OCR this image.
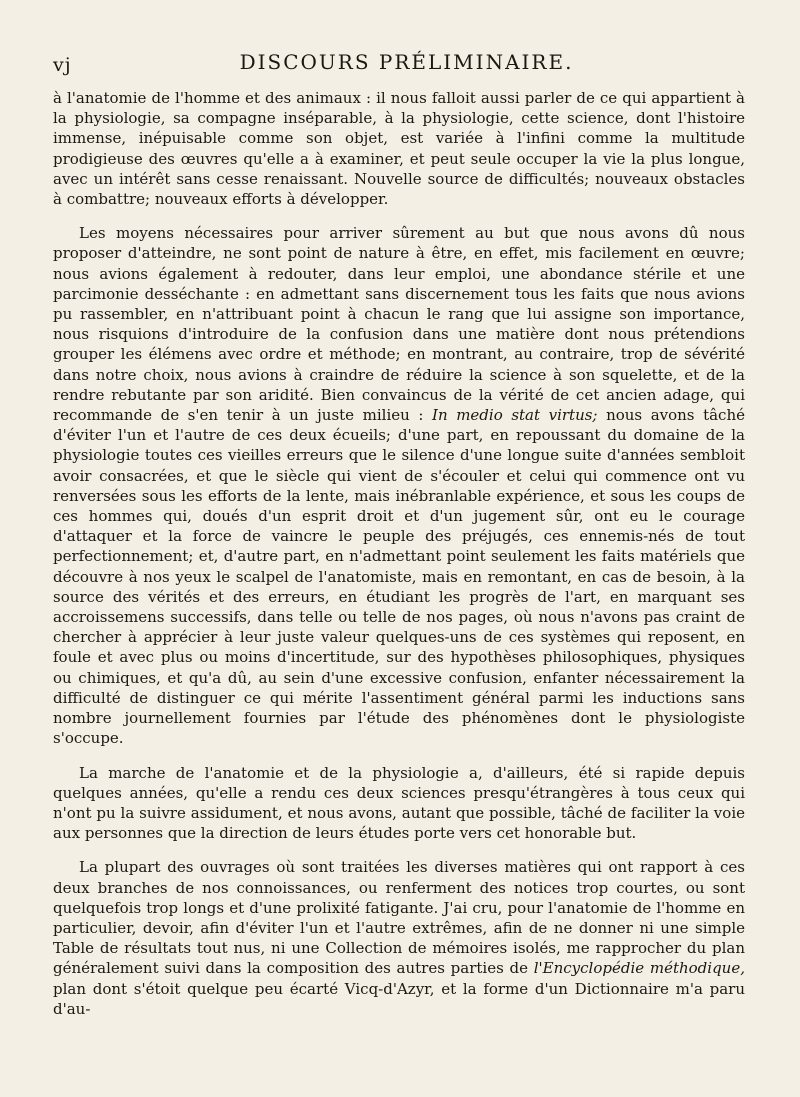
vj	DISCOURS PRÉLIMINAIRE.

à l'anatomie de l'homme et des animaux : il nous falloit aussi parler de ce qui appartient à la physiologie, sa compagne inséparable, à la physiologie, cette science, dont l'histoire immense, inépuisable comme son objet, est variée à l'infini comme la multitude prodigieuse des œuvres qu'elle a à examiner, et peut seule occuper la vie la plus longue, avec un intérêt sans cesse renaissant. Nouvelle source de difficultés; nouveaux obstacles à combattre; nouveaux efforts à développer.

Les moyens nécessaires pour arriver sûrement au but que nous avons dû nous proposer d'atteindre, ne sont point de nature à être, en effet, mis facilement en œuvre; nous avions également à redouter, dans leur emploi, une abondance stérile et une parcimonie desséchante : en admettant sans discernement tous les faits que nous avions pu rassembler, en n'attribuant point à chacun le rang que lui assigne son importance, nous risquions d'introduire de la confusion dans une matière dont nous prétendions grouper les élémens avec ordre et méthode; en montrant, au contraire, trop de sévérité dans notre choix, nous avions à craindre de réduire la science à son squelette, et de la rendre rebutante par son aridité. Bien convaincus de la vérité de cet ancien adage, qui recommande de s'en tenir à un juste milieu : In medio stat virtus; nous avons tâché d'éviter l'un et l'autre de ces deux écueils; d'une part, en repoussant du domaine de la physiologie toutes ces vieilles erreurs que le silence d'une longue suite d'années sembloit avoir consacrées, et que le siècle qui vient de s'écouler et celui qui commence ont vu renversées sous les efforts de la lente, mais inébranlable expérience, et sous les coups de ces hommes qui, doués d'un esprit droit et d'un jugement sûr, ont eu le courage d'attaquer et la force de vaincre le peuple des préjugés, ces ennemis-nés de tout perfectionnement; et, d'autre part, en n'admettant point seulement les faits matériels que découvre à nos yeux le scalpel de l'anatomiste, mais en remontant, en cas de besoin, à la source des vérités et des erreurs, en étudiant les progrès de l'art, en marquant ses accroissemens successifs, dans telle ou telle de nos pages, où nous n'avons pas craint de chercher à apprécier à leur juste valeur quelques-uns de ces systèmes qui reposent, en foule et avec plus ou moins d'incertitude, sur des hypothèses philosophiques, physiques ou chimiques, et qu'a dû, au sein d'une excessive confusion, enfanter nécessairement la difficulté de distinguer ce qui mérite l'assentiment général parmi les inductions sans nombre journellement fournies par l'étude des phénomènes dont le physiologiste s'occupe.

La marche de l'anatomie et de la physiologie a, d'ailleurs, été si rapide depuis quelques années, qu'elle a rendu ces deux sciences presqu'étrangères à tous ceux qui n'ont pu la suivre assidument, et nous avons, autant que possible, tâché de faciliter la voie aux personnes que la direction de leurs études porte vers cet honorable but.

La plupart des ouvrages où sont traitées les diverses matières qui ont rapport à ces deux branches de nos connoissances, ou renferment des notices trop courtes, ou sont quelquefois trop longs et d'une prolixité fatigante. J'ai cru, pour l'anatomie de l'homme en particulier, devoir, afin d'éviter l'un et l'autre extrêmes, afin de ne donner ni une simple Table de résultats tout nus, ni une Collection de mémoires isolés, me rapprocher du plan généralement suivi dans la composition des autres parties de l'Encyclopédie méthodique, plan dont s'étoit quelque peu écarté Vicq-d'Azyr, et la forme d'un Dictionnaire m'a paru d'au-
